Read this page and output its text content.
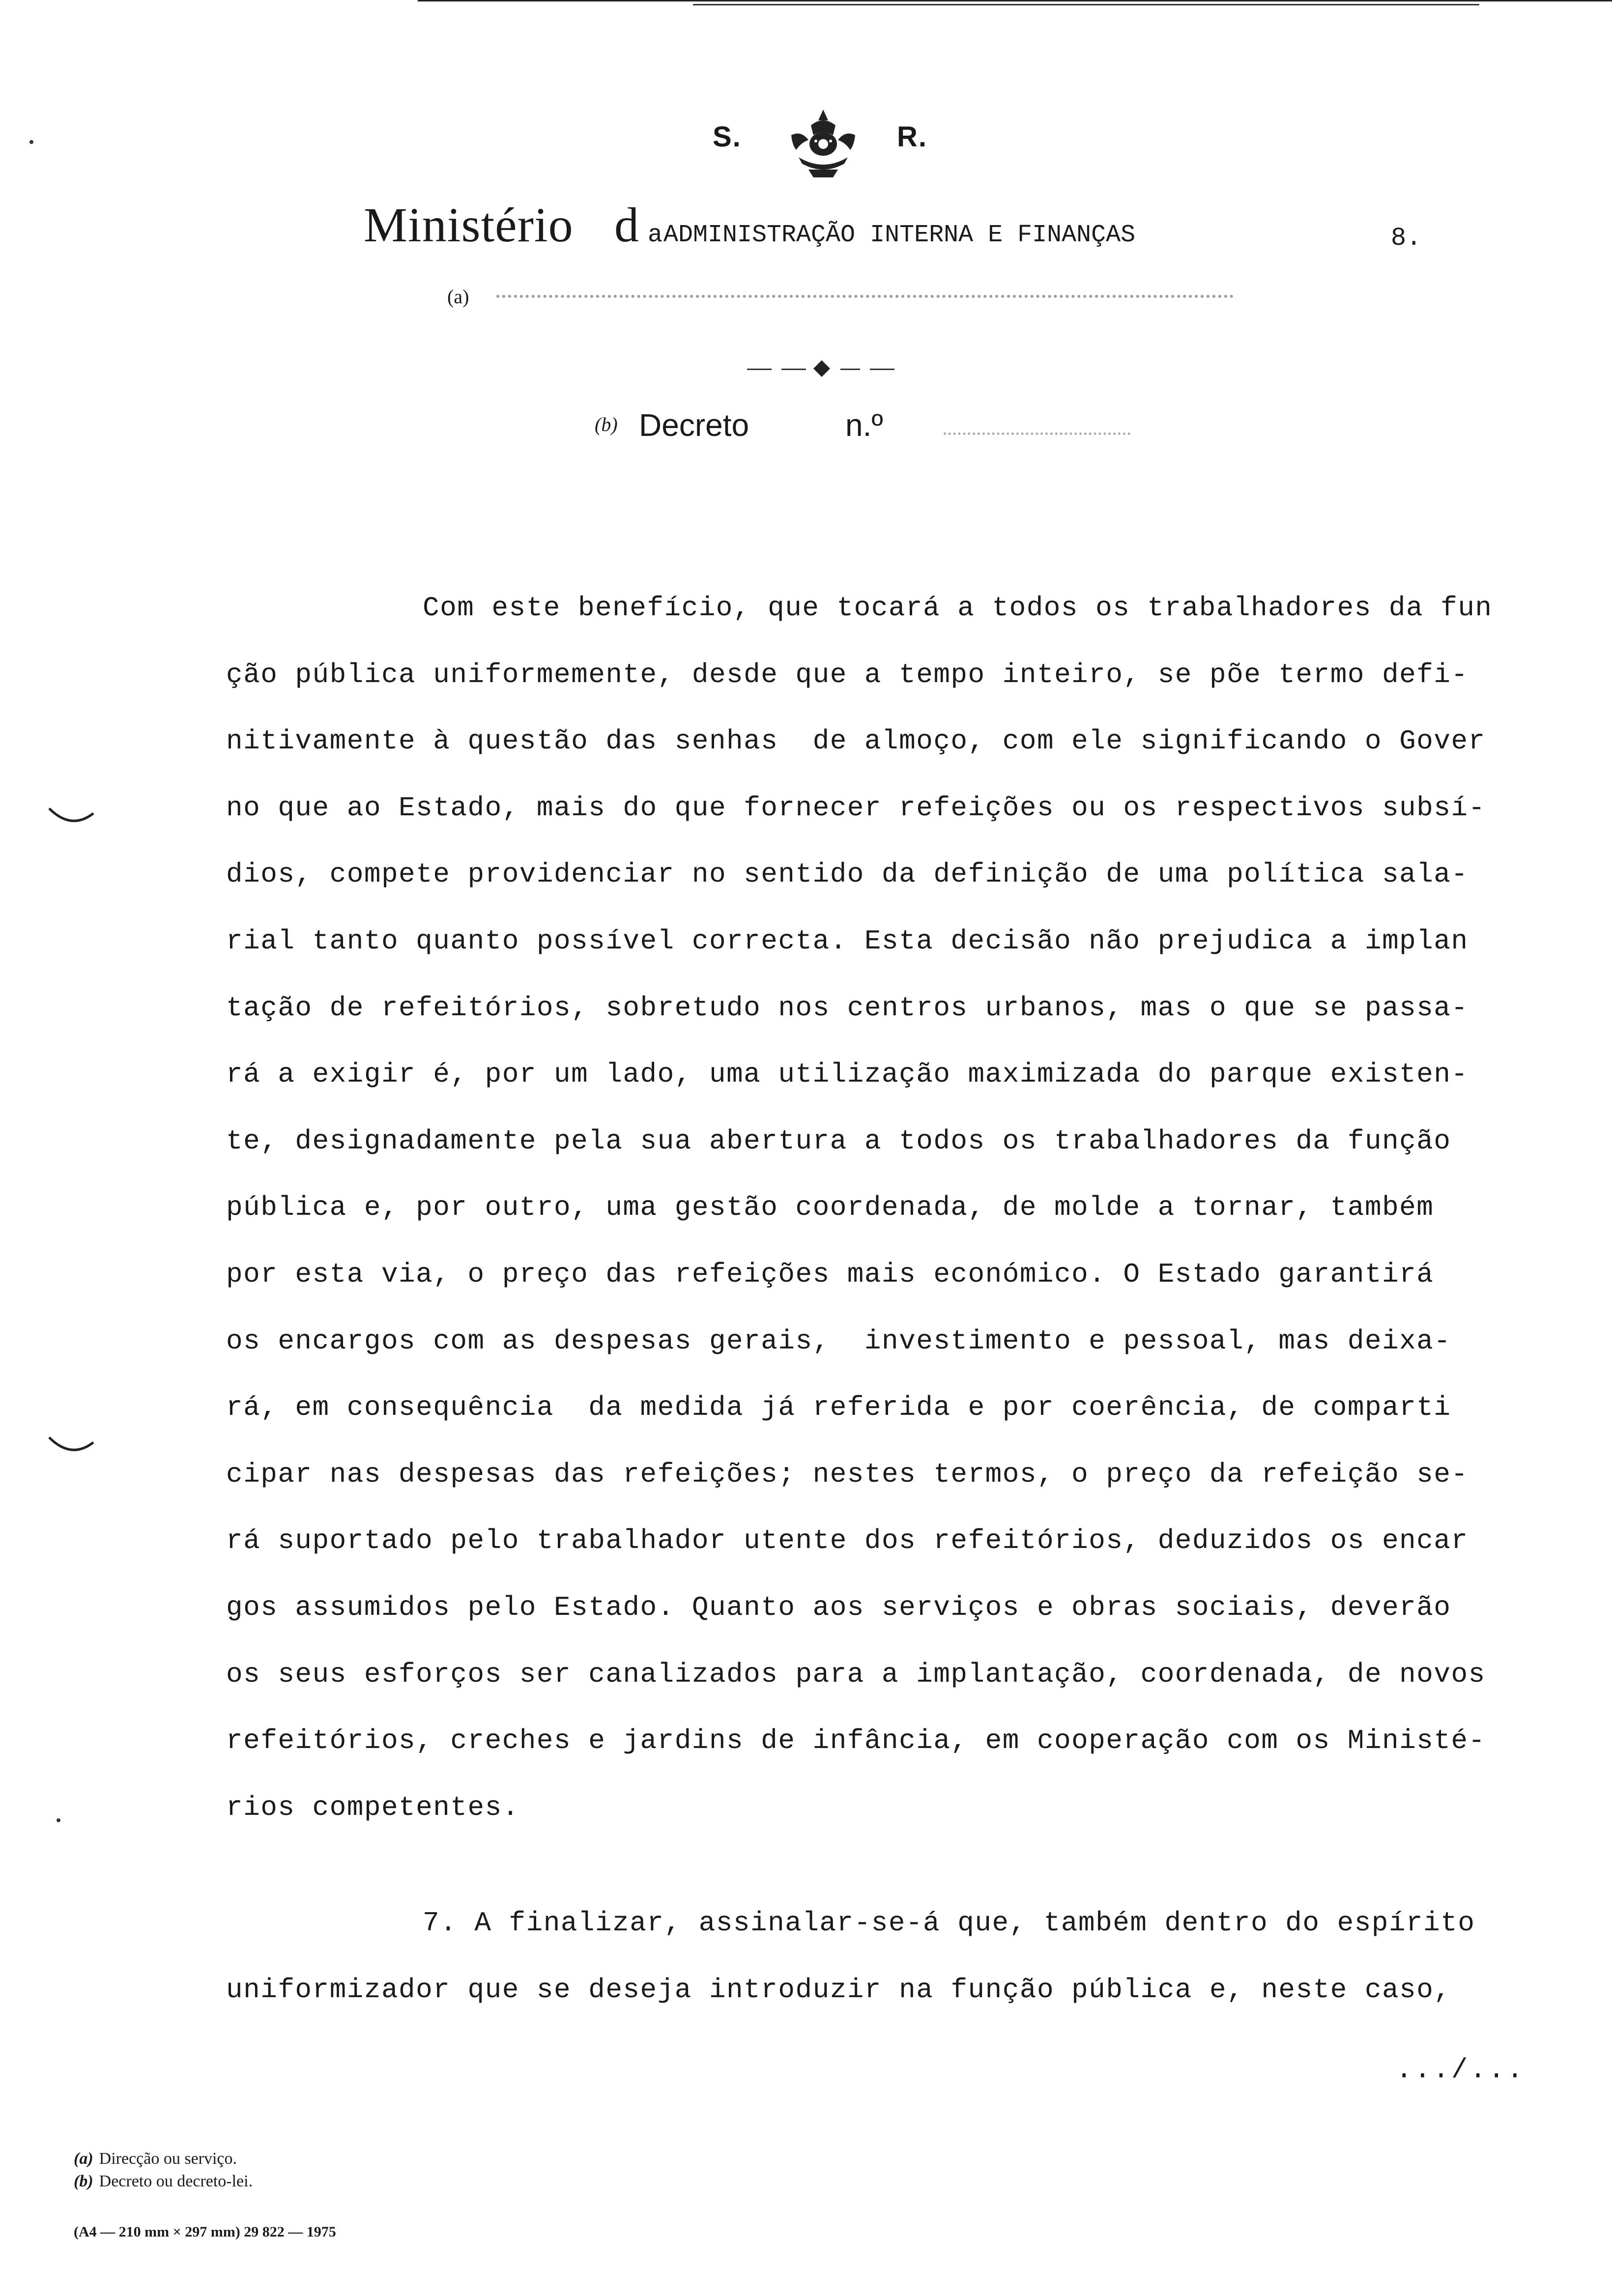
S.	R.
Ministério d a ADMINISTRAÇÃO INTERNA E FINANÇAS	8.
(a)
(b) Decreto	n.º
Com este benefício, que tocará a todos os trabalhadores da fun
ção pública uniformemente, desde que a tempo inteiro, se põe termo defi-
nitivamente à questão das senhas  de almoço, com ele significando o Gover
no que ao Estado, mais do que fornecer refeições ou os respectivos subsí-
dios, compete providenciar no sentido da definição de uma política sala-
rial tanto quanto possível correcta. Esta decisão não prejudica a implan
tação de refeitórios, sobretudo nos centros urbanos, mas o que se passa-
rá a exigir é, por um lado, uma utilização maximizada do parque existen-
te, designadamente pela sua abertura a todos os trabalhadores da função
pública e, por outro, uma gestão coordenada, de molde a tornar, também
por esta via, o preço das refeições mais económico. O Estado garantirá
os encargos com as despesas gerais,  investimento e pessoal, mas deixa-
rá, em consequência  da medida já referida e por coerência, de comparti
cipar nas despesas das refeições; nestes termos, o preço da refeição se-
rá suportado pelo trabalhador utente dos refeitórios, deduzidos os encar
gos assumidos pelo Estado. Quanto aos serviços e obras sociais, deverão
os seus esforços ser canalizados para a implantação, coordenada, de novos
refeitórios, creches e jardins de infância, em cooperação com os Ministé-
rios competentes.
7. A finalizar, assinalar-se-á que, também dentro do espírito
uniformizador que se deseja introduzir na função pública e, neste caso,
.../...
(a) Direcção ou serviço.
(b) Decreto ou decreto-lei.
(A4 — 210 mm × 297 mm) 29 822 — 1975
